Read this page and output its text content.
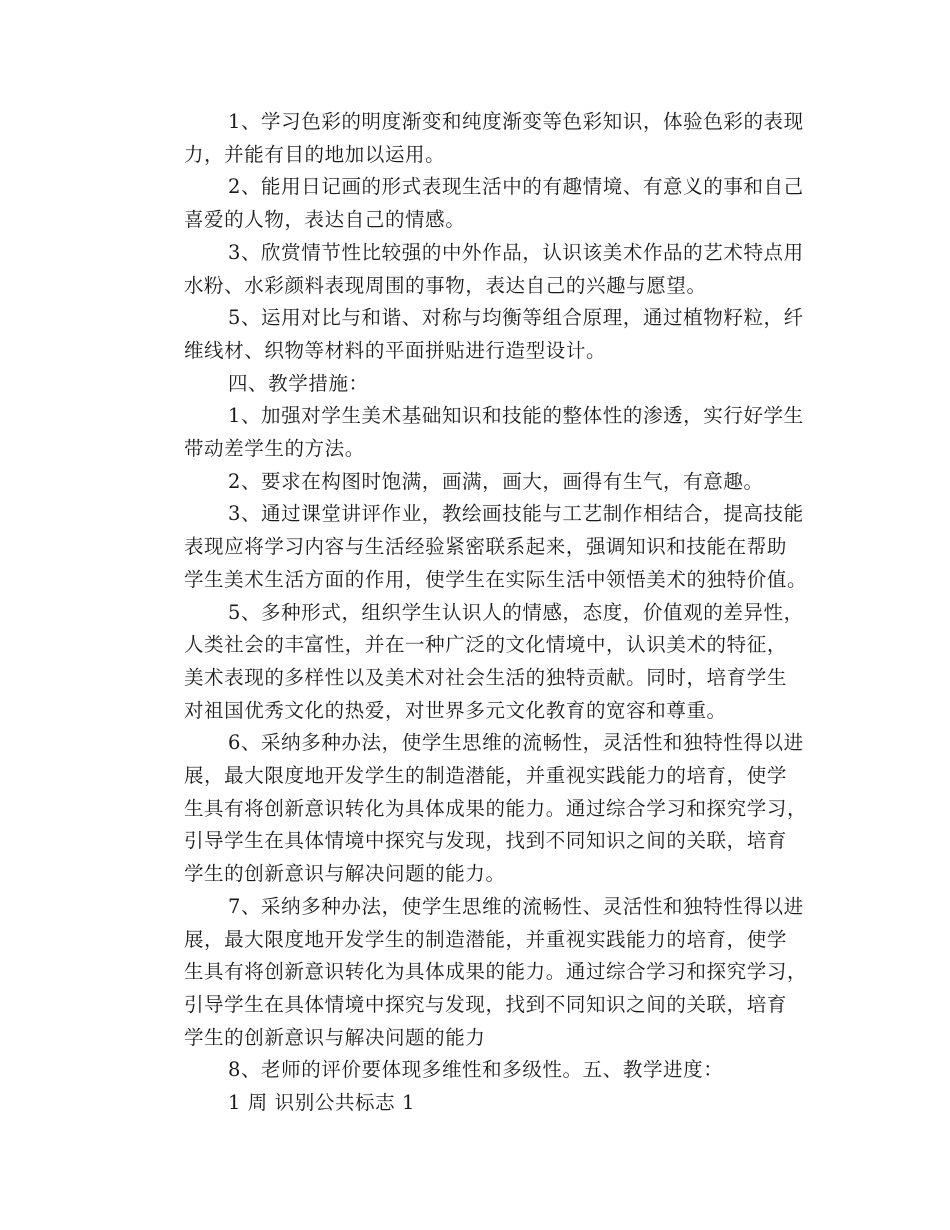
1、学习色彩的明度渐变和纯度渐变等色彩知识，体验色彩的表现
力，并能有目的地加以运用。

2、能用日记画的形式表现生活中的有趣情境、有意义的事和自己
喜爱的人物，表达自己的情感。

3、欣赏情节性比较强的中外作品，认识该美术作品的艺术特点用
水粉、水彩颜料表现周围的事物，表达自己的兴趣与愿望。

5、运用对比与和谐、对称与均衡等组合原理，通过植物籽粒，纤
维线材、织物等材料的平面拼贴进行造型设计。

四、教学措施：

1、加强对学生美术基础知识和技能的整体性的渗透，实行好学生
带动差学生的方法。

2、要求在构图时饱满，画满，画大，画得有生气，有意趣。

3、通过课堂讲评作业，教绘画技能与工艺制作相结合，提高技能
表现应将学习内容与生活经验紧密联系起来，强调知识和技能在帮助
学生美术生活方面的作用，使学生在实际生活中领悟美术的独特价值。

5、多种形式，组织学生认识人的情感，态度，价值观的差异性，
人类社会的丰富性，并在一种广泛的文化情境中，认识美术的特征，
美术表现的多样性以及美术对社会生活的独特贡献。同时，培育学生
对祖国优秀文化的热爱，对世界多元文化教育的宽容和尊重。

6、采纳多种办法，使学生思维的流畅性，灵活性和独特性得以进
展，最大限度地开发学生的制造潜能，并重视实践能力的培育，使学
生具有将创新意识转化为具体成果的能力。通过综合学习和探究学习，
引导学生在具体情境中探究与发现，找到不同知识之间的关联，培育
学生的创新意识与解决问题的能力。

7、采纳多种办法，使学生思维的流畅性、灵活性和独特性得以进
展，最大限度地开发学生的制造潜能，并重视实践能力的培育，使学
生具有将创新意识转化为具体成果的能力。通过综合学习和探究学习，
引导学生在具体情境中探究与发现，找到不同知识之间的关联，培育
学生的创新意识与解决问题的能力

8、老师的评价要体现多维性和多级性。五、教学进度：

1 周 识别公共标志 1
